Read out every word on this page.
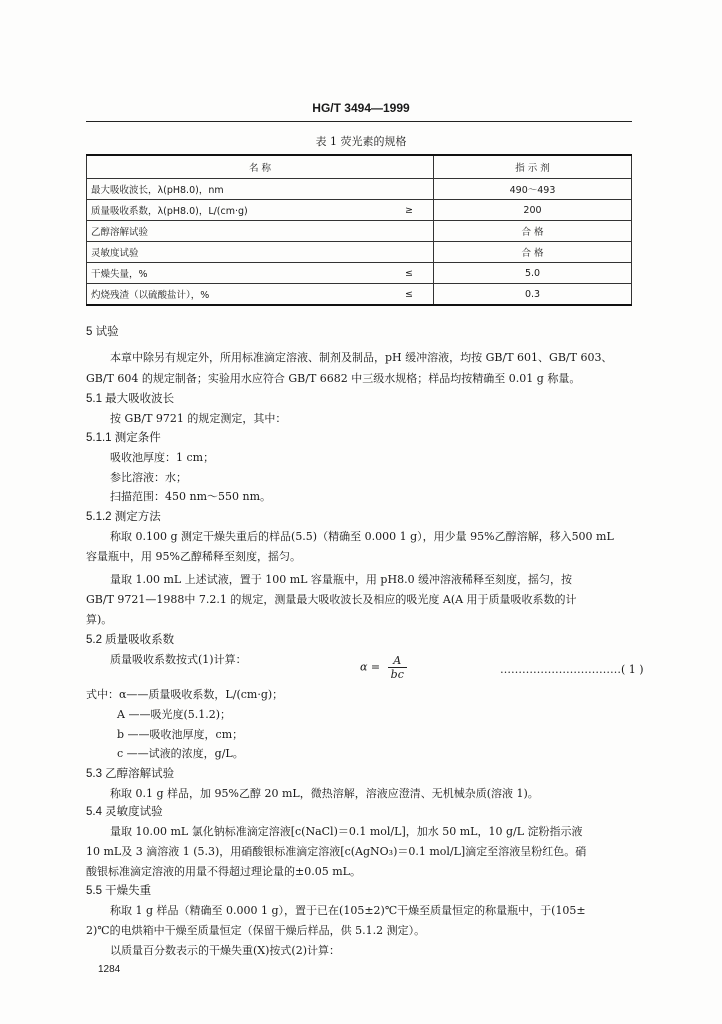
HG/T 3494—1999
表 1 荧光素的规格
名 称		指 示 剂
最大吸收波长，λ(pH8.0)，nm		490～493
质量吸收系数，λ(pH8.0)，L/(cm·g)	≥	200
乙醇溶解试验		合 格
灵敏度试验		合 格
干燥失量，%	≤	5.0
灼烧残渣（以硫酸盐计），%	≤	0.3
5 试验
本章中除另有规定外，所用标准滴定溶液、制剂及制品，pH 缓冲溶液，均按 GB/T 601、GB/T 603、
GB/T 604 的规定制备；实验用水应符合 GB/T 6682 中三级水规格；样品均按精确至 0.01 g 称量。
5.1 最大吸收波长
按 GB/T 9721 的规定测定，其中：
5.1.1 测定条件
吸收池厚度：1 cm；
参比溶液：水；
扫描范围：450 nm～550 nm。
5.1.2 测定方法
称取 0.100 g 测定干燥失重后的样品(5.5)（精确至 0.000 1 g），用少量 95%乙醇溶解，移入500 mL
容量瓶中，用 95%乙醇稀释至刻度，摇匀。
量取 1.00 mL 上述试液，置于 100 mL 容量瓶中，用 pH8.0 缓冲溶液稀释至刻度，摇匀，按
GB/T 9721—1988中 7.2.1 的规定，测量最大吸收波长及相应的吸光度 A(A 用于质量吸收系数的计
算)。
5.2 质量吸收系数
质量吸收系数按式(1)计算：
$\alpha = \frac{A}{bc}$	……………………………( 1 )
式中：α——质量吸收系数，L/(cm·g)；
A ——吸光度(5.1.2)；
b ——吸收池厚度，cm；
c ——试液的浓度，g/L。
5.3 乙醇溶解试验
称取 0.1 g 样品，加 95%乙醇 20 mL，微热溶解，溶液应澄清、无机械杂质(溶液 1)。
5.4 灵敏度试验
量取 10.00 mL 氯化钠标准滴定溶液[c(NaCl)＝0.1 mol/L]，加水 50 mL，10 g/L 淀粉指示液
10 mL及 3 滴溶液 1 (5.3)，用硝酸银标准滴定溶液[c(AgNO₃)＝0.1 mol/L]滴定至溶液呈粉红色。硝
酸银标准滴定溶液的用量不得超过理论量的±0.05 mL。
5.5 干燥失重
称取 1 g 样品（精确至 0.000 1 g），置于已在(105±2)℃干燥至质量恒定的称量瓶中，于(105±
2)℃的电烘箱中干燥至质量恒定（保留干燥后样品，供 5.1.2 测定）。
以质量百分数表示的干燥失重(X)按式(2)计算：
1284
